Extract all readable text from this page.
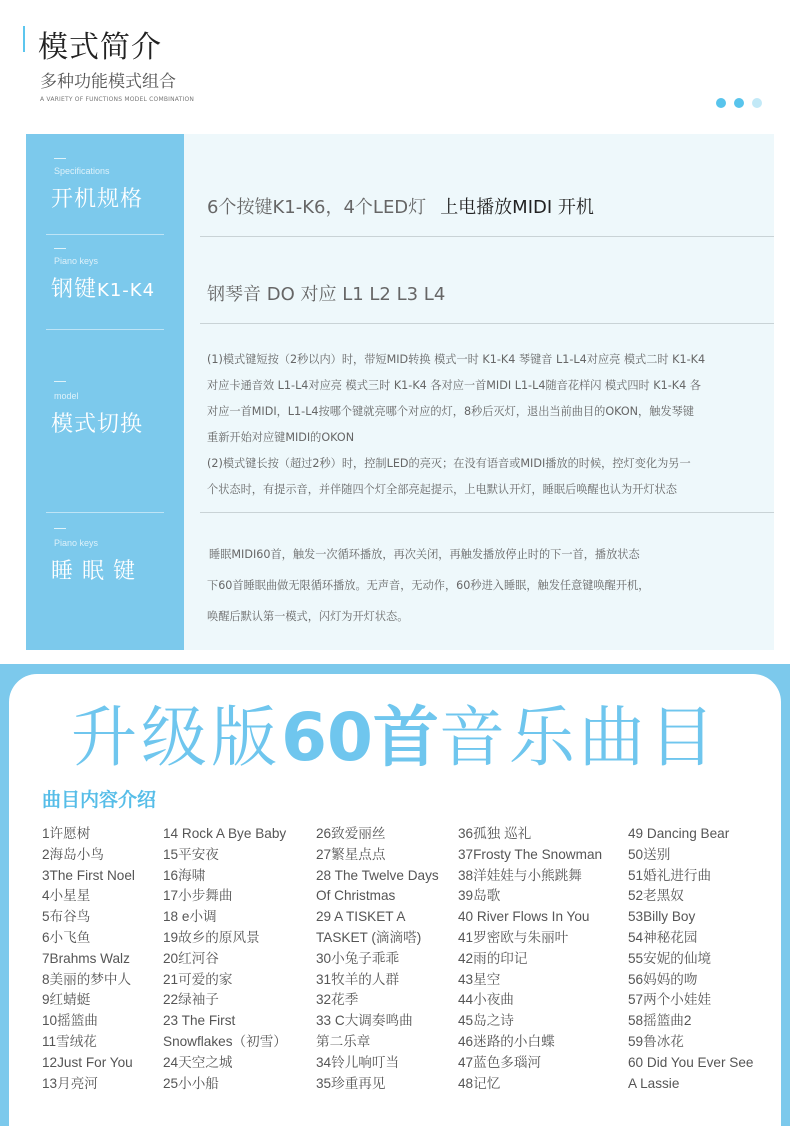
模式简介
多种功能模式组合
A VARIETY OF FUNCTIONS MODEL COMBINATION
Specifications
开机规格
Piano keys
钢键K1-K4
model
模式切换
Piano keys
睡 眠 键
6个按键K1-K6，4个LED灯 上电播放MIDI 开机
钢琴音 DO 对应 L1 L2 L3 L4
(1)模式键短按（2秒以内）时，带短MID转换 模式一时 K1-K4 琴键音 L1-L4对应亮 模式二时 K1-K4
对应卡通音效 L1-L4对应亮 模式三时 K1-K4 各对应一首MIDI L1-L4随音花样闪 模式四时 K1-K4 各
对应一首MIDI，L1-L4按哪个键就亮哪个对应的灯，8秒后灭灯，退出当前曲目的OKON，触发琴键
重新开始对应键MIDI的OKON
(2)模式键长按（超过2秒）时，控制LED的亮灭；在没有语音或MIDI播放的时候，控灯变化为另一
个状态时，有提示音，并伴随四个灯全部亮起提示，上电默认开灯，睡眠后唤醒也认为开灯状态
睡眠MIDI60首，触发一次循环播放，再次关闭，再触发播放停止时的下一首，播放状态
下60首睡眠曲做无限循环播放。无声音，无动作，60秒进入睡眠，触发任意键唤醒开机，
唤醒后默认第一模式，闪灯为开灯状态。
升级版60首音乐曲目
曲目内容介绍
1许愿树
2海岛小鸟
3The First Noel
4小星星
5布谷鸟
6小飞鱼
7Brahms Walz
8美丽的梦中人
9红蜻蜓
10摇篮曲
11雪绒花
12Just For You
13月亮河
14 Rock A Bye Baby
15平安夜
16海啸
17小步舞曲
18 e小调
19故乡的原风景
20红河谷
21可爱的家
22绿袖子
23 The First
Snowflakes（初雪）
24天空之城
25小小船
26致爱丽丝
27繁星点点
28 The Twelve Days
Of Christmas
29 A TISKET A
TASKET (滴滴嗒)
30小兔子乖乖
31牧羊的人群
32花季
33 C大调奏鸣曲
第二乐章
34铃儿响叮当
35珍重再见
36孤独 巡礼
37Frosty The Snowman
38洋娃娃与小熊跳舞
39岛歌
40 River Flows In You
41罗密欧与朱丽叶
42雨的印记
43星空
44小夜曲
45岛之诗
46迷路的小白蝶
47蓝色多瑙河
48记忆
49 Dancing Bear
50送别
51婚礼进行曲
52老黑奴
53Billy Boy
54神秘花园
55安妮的仙境
56妈妈的吻
57两个小娃娃
58摇篮曲2
59鲁冰花
60 Did You Ever See
A Lassie
